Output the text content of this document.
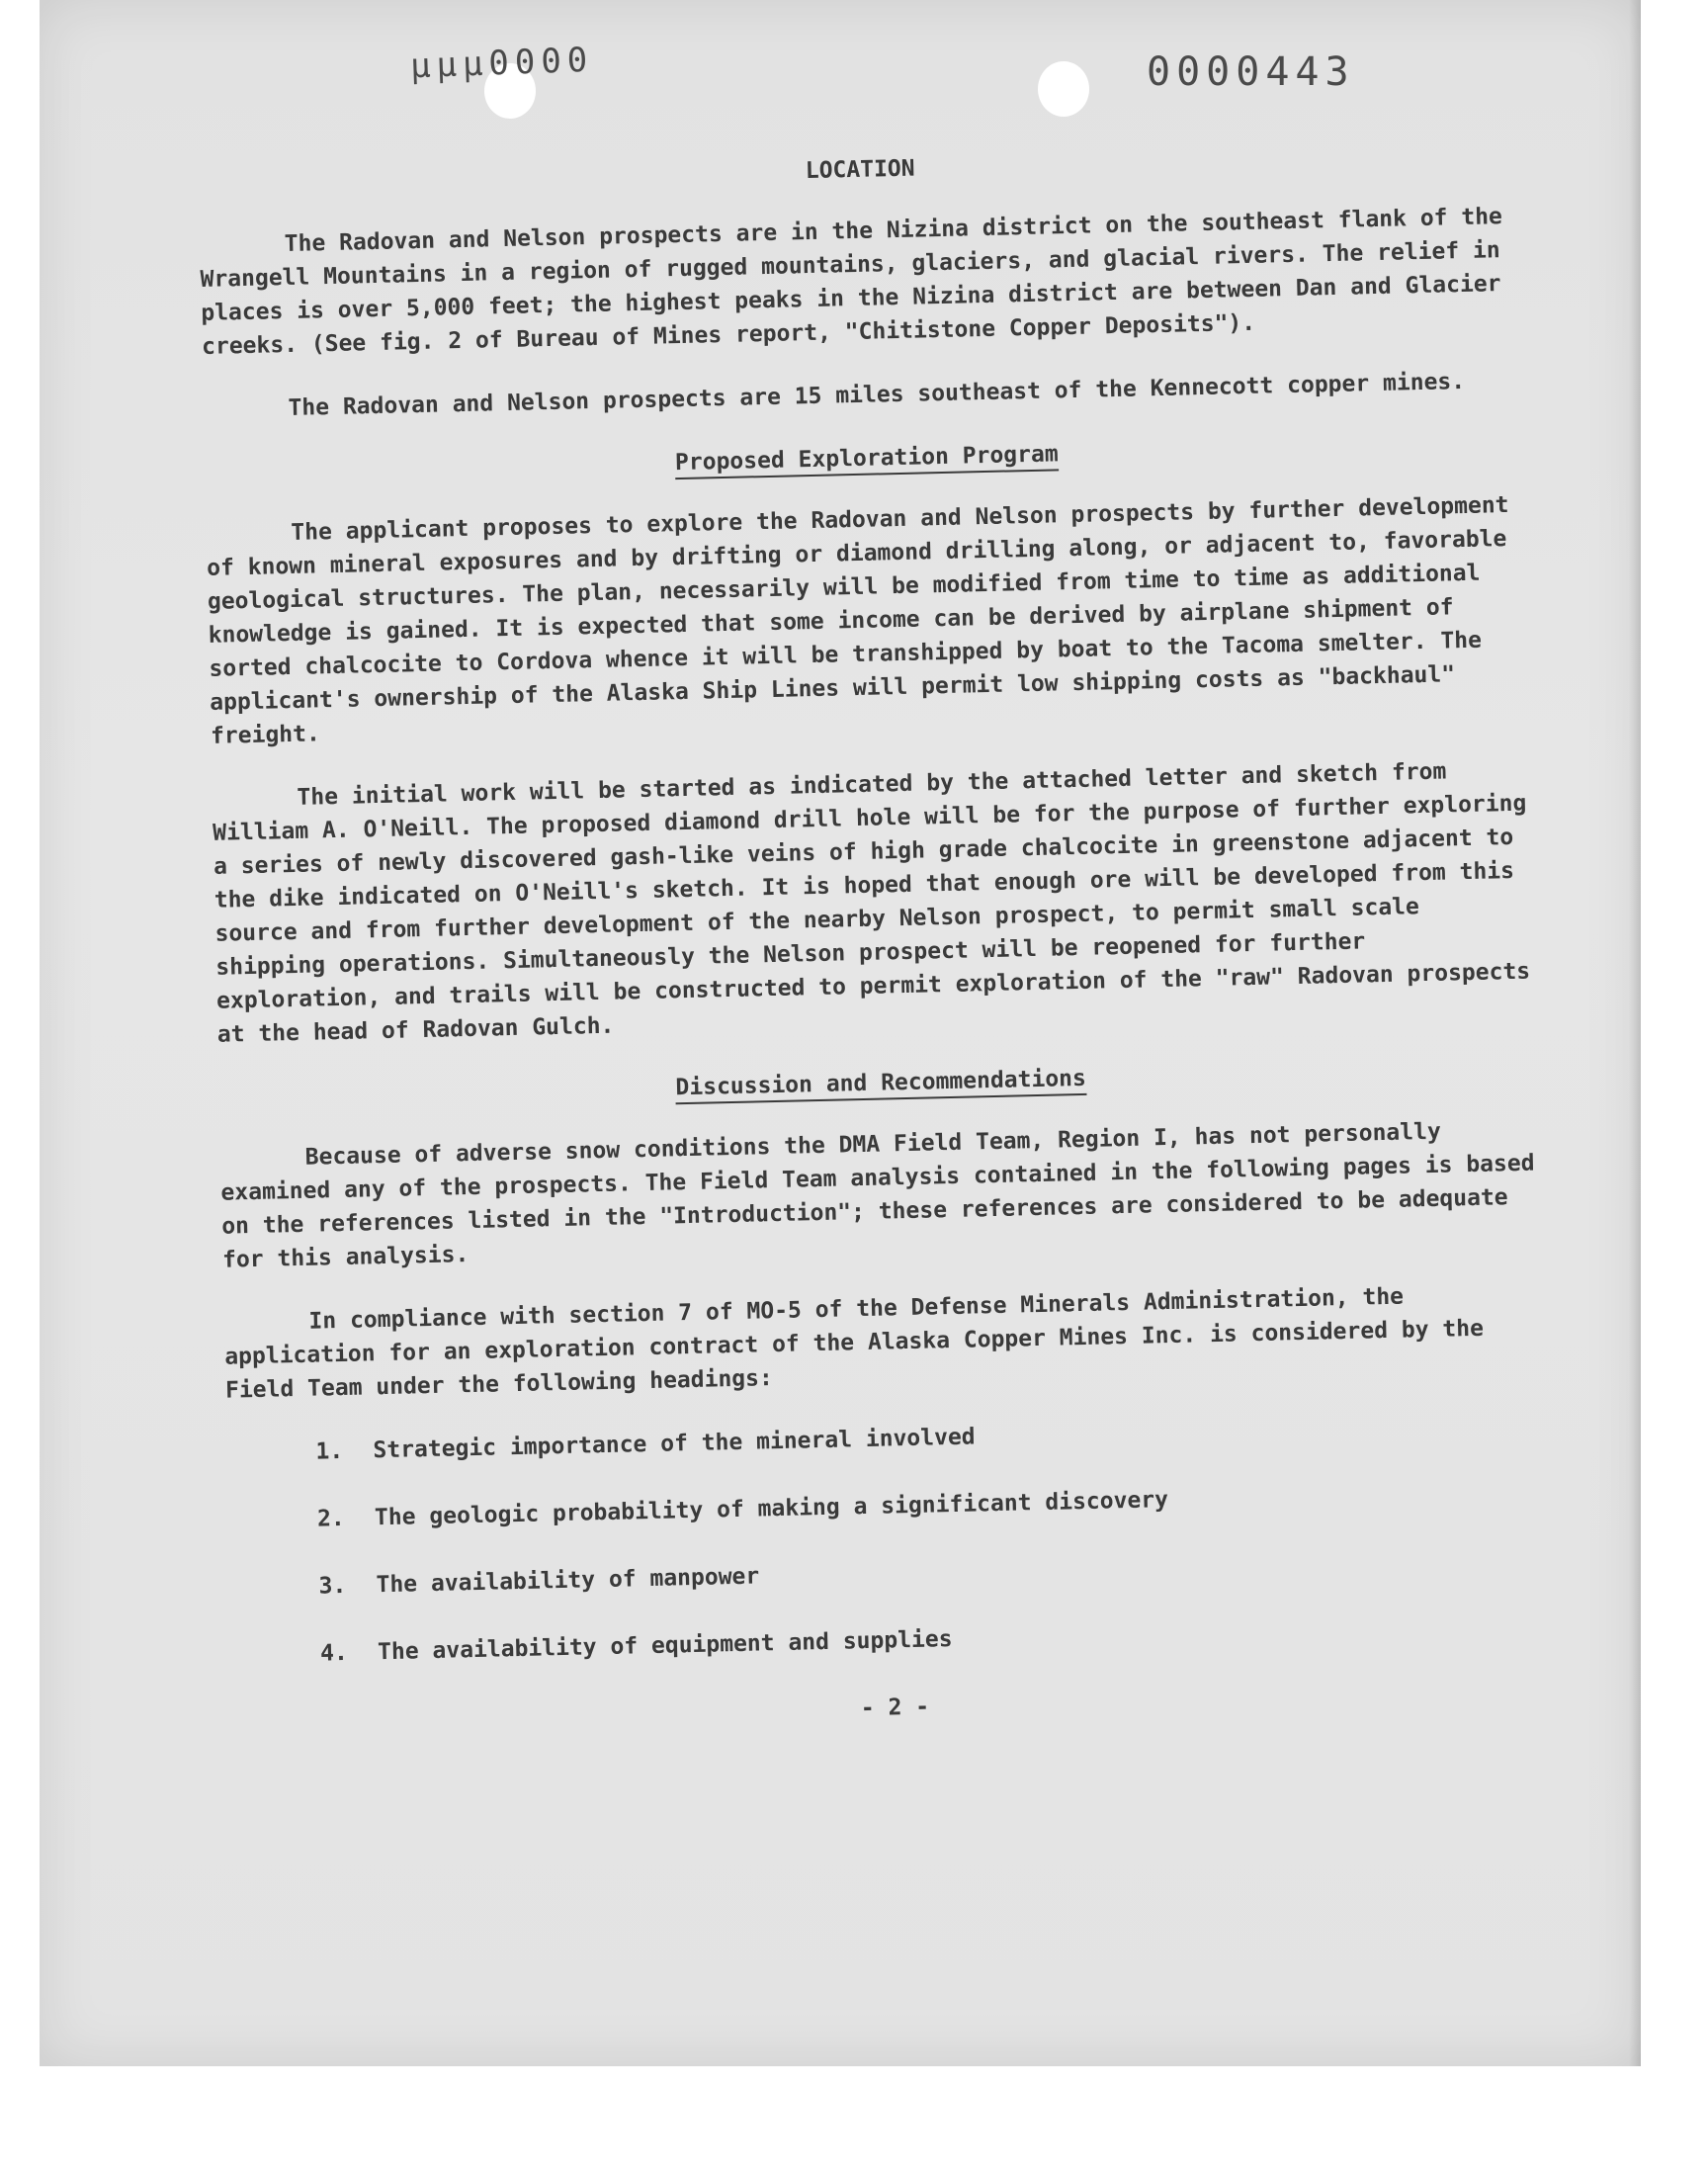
μμμ0000	0000443
LOCATION

The Radovan and Nelson prospects are in the Nizina district on the southeast flank of the Wrangell Mountains in a region of rugged mountains, glaciers, and glacial rivers. The relief in places is over 5,000 feet; the highest peaks in the Nizina district are between Dan and Glacier creeks. (See fig. 2 of Bureau of Mines report, "Chitistone Copper Deposits").

The Radovan and Nelson prospects are 15 miles southeast of the Kennecott copper mines.

Proposed Exploration Program

The applicant proposes to explore the Radovan and Nelson prospects by further development of known mineral exposures and by drifting or diamond drilling along, or adjacent to, favorable geological structures. The plan, necessarily will be modified from time to time as additional knowledge is gained. It is expected that some income can be derived by airplane shipment of sorted chalcocite to Cordova whence it will be transhipped by boat to the Tacoma smelter. The applicant's ownership of the Alaska Ship Lines will permit low shipping costs as "backhaul" freight.

The initial work will be started as indicated by the attached letter and sketch from William A. O'Neill. The proposed diamond drill hole will be for the purpose of further exploring a series of newly discovered gash-like veins of high grade chalcocite in greenstone adjacent to the dike indicated on O'Neill's sketch. It is hoped that enough ore will be developed from this source and from further development of the nearby Nelson prospect, to permit small scale shipping operations. Simultaneously the Nelson prospect will be reopened for further exploration, and trails will be constructed to permit exploration of the "raw" Radovan prospects at the head of Radovan Gulch.

Discussion and Recommendations

Because of adverse snow conditions the DMA Field Team, Region I, has not personally examined any of the prospects. The Field Team analysis contained in the following pages is based on the references listed in the "Introduction"; these references are considered to be adequate for this analysis.

In compliance with section 7 of MO-5 of the Defense Minerals Administration, the application for an exploration contract of the Alaska Copper Mines Inc. is considered by the Field Team under the following headings:

1.	Strategic importance of the mineral involved
2.	The geologic probability of making a significant discovery
3.	The availability of manpower
4.	The availability of equipment and supplies
- 2 -
